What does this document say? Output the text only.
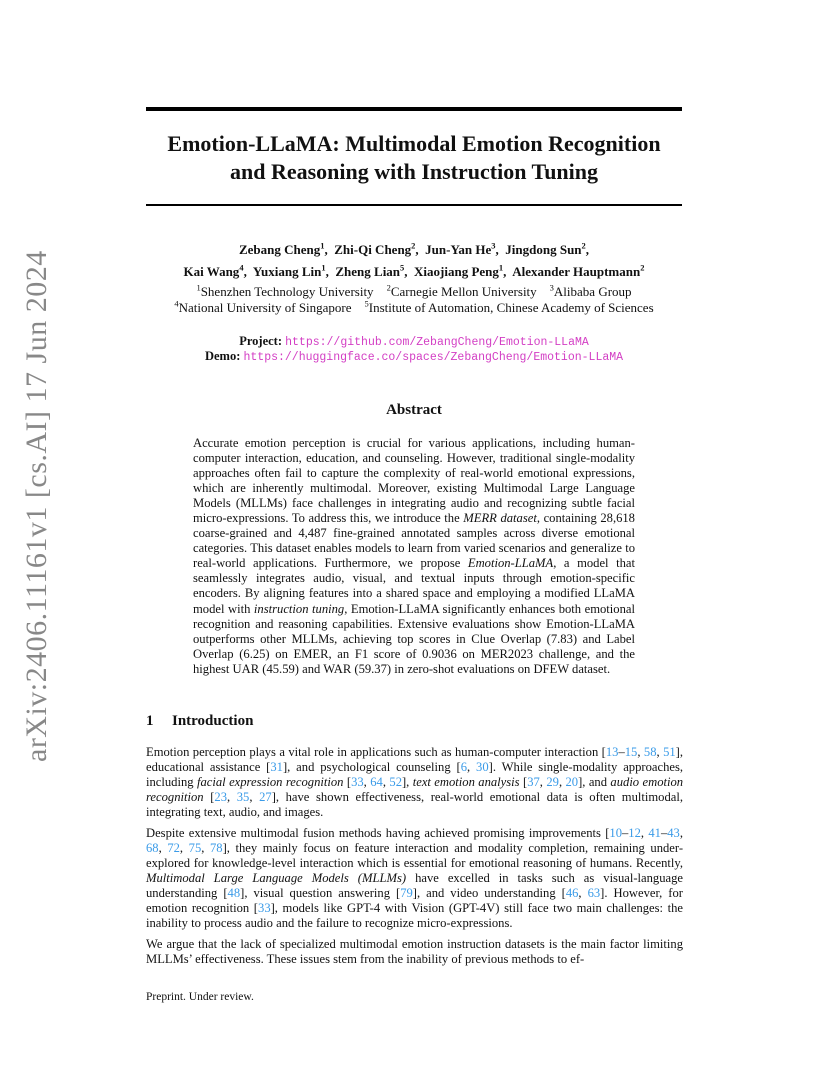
arXiv:2406.11161v1 [cs.AI] 17 Jun 2024
Emotion-LLaMA: Multimodal Emotion Recognition
and Reasoning with Instruction Tuning
Zebang Cheng$^1$,  Zhi-Qi Cheng$^2$,  Jun-Yan He$^3$,  Jingdong Sun$^2$,
Kai Wang$^4$,  Yuxiang Lin$^1$,  Zheng Lian$^5$,  Xiaojiang Peng$^1$,  Alexander Hauptmann$^2$
$^1$Shenzhen Technology University $^2$Carnegie Mellon University $^3$Alibaba Group
$^4$National University of Singapore $^5$Institute of Automation, Chinese Academy of Sciences
Project: https://github.com/ZebangCheng/Emotion-LLaMA
Demo: https://huggingface.co/spaces/ZebangCheng/Emotion-LLaMA
Abstract
Accurate emotion perception is crucial for various applications, including human-computer interaction, education, and counseling. However, traditional single-modality approaches often fail to capture the complexity of real-world emotional expressions, which are inherently multimodal. Moreover, existing Multimodal Large Language Models (MLLMs) face challenges in integrating audio and recognizing subtle facial micro-expressions. To address this, we introduce the MERR dataset, containing 28,618 coarse-grained and 4,487 fine-grained annotated samples across diverse emotional categories. This dataset enables models to learn from varied scenarios and generalize to real-world applications. Furthermore, we propose Emotion-LLaMA, a model that seamlessly integrates audio, visual, and textual inputs through emotion-specific encoders. By aligning features into a shared space and employing a modified LLaMA model with instruction tuning, Emotion-LLaMA significantly enhances both emotional recognition and reasoning capabilities. Extensive evaluations show Emotion-LLaMA outperforms other MLLMs, achieving top scores in Clue Overlap (7.83) and Label Overlap (6.25) on EMER, an F1 score of 0.9036 on MER2023 challenge, and the highest UAR (45.59) and WAR (59.37) in zero-shot evaluations on DFEW dataset.
1 Introduction
Emotion perception plays a vital role in applications such as human-computer interaction [13–15, 58, 51], educational assistance [31], and psychological counseling [6, 30]. While single-modality approaches, including facial expression recognition [33, 64, 52], text emotion analysis [37, 29, 20], and audio emotion recognition [23, 35, 27], have shown effectiveness, real-world emotional data is often multimodal, integrating text, audio, and images.
Despite extensive multimodal fusion methods having achieved promising improvements [10–12, 41–43, 68, 72, 75, 78], they mainly focus on feature interaction and modality completion, remaining under-explored for knowledge-level interaction which is essential for emotional reasoning of humans. Recently, Multimodal Large Language Models (MLLMs) have excelled in tasks such as visual-language understanding [48], visual question answering [79], and video understanding [46, 63]. However, for emotion recognition [33], models like GPT-4 with Vision (GPT-4V) still face two main challenges: the inability to process audio and the failure to recognize micro-expressions.
We argue that the lack of specialized multimodal emotion instruction datasets is the main factor limiting MLLMs’ effectiveness. These issues stem from the inability of previous methods to ef-
Preprint. Under review.
